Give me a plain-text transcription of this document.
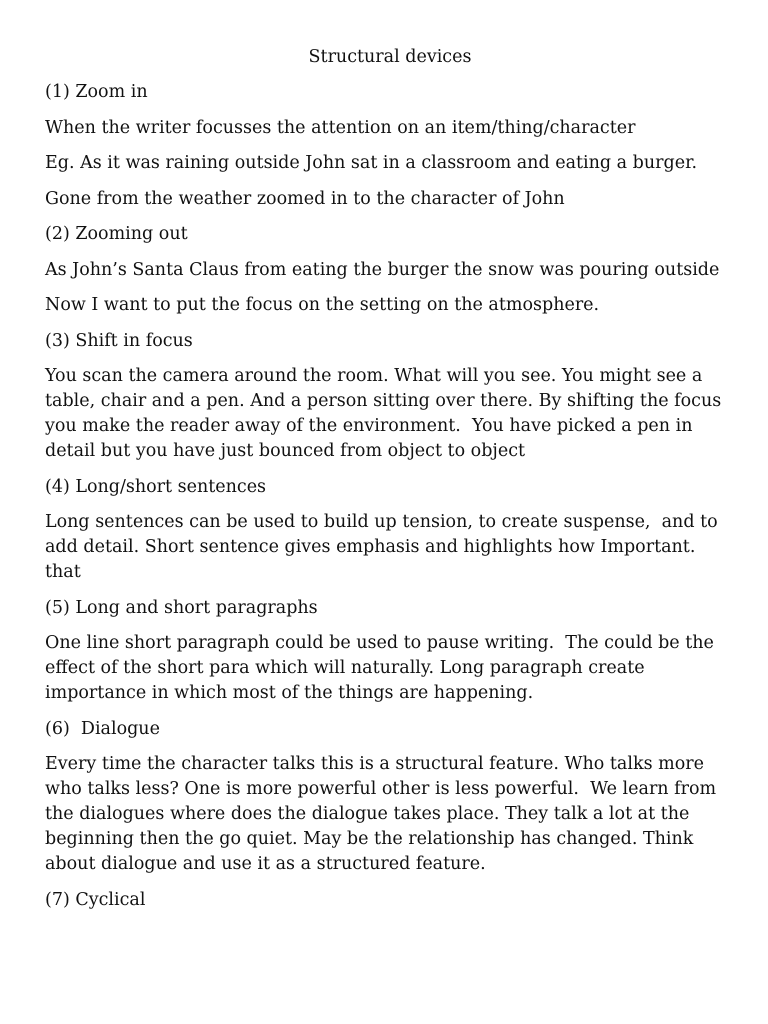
Structural devices
(1) Zoom in
When the writer focusses the attention on an item/thing/character
Eg. As it was raining outside John sat in a classroom and eating a burger.
Gone from the weather zoomed in to the character of John
(2) Zooming out
As John’s Santa Claus from eating the burger the snow was pouring outside
Now I want to put the focus on the setting on the atmosphere.
(3) Shift in focus
You scan the camera around the room. What will you see. You might see a
table, chair and a pen. And a person sitting over there. By shifting the focus
you make the reader away of the environment.  You have picked a pen in
detail but you have just bounced from object to object
(4) Long/short sentences
Long sentences can be used to build up tension, to create suspense,  and to
add detail. Short sentence gives emphasis and highlights how Important.
that
(5) Long and short paragraphs
One line short paragraph could be used to pause writing.  The could be the
effect of the short para which will naturally. Long paragraph create
importance in which most of the things are happening.
(6)  Dialogue
Every time the character talks this is a structural feature. Who talks more
who talks less? One is more powerful other is less powerful.  We learn from
the dialogues where does the dialogue takes place. They talk a lot at the
beginning then the go quiet. May be the relationship has changed. Think
about dialogue and use it as a structured feature.
(7) Cyclical
